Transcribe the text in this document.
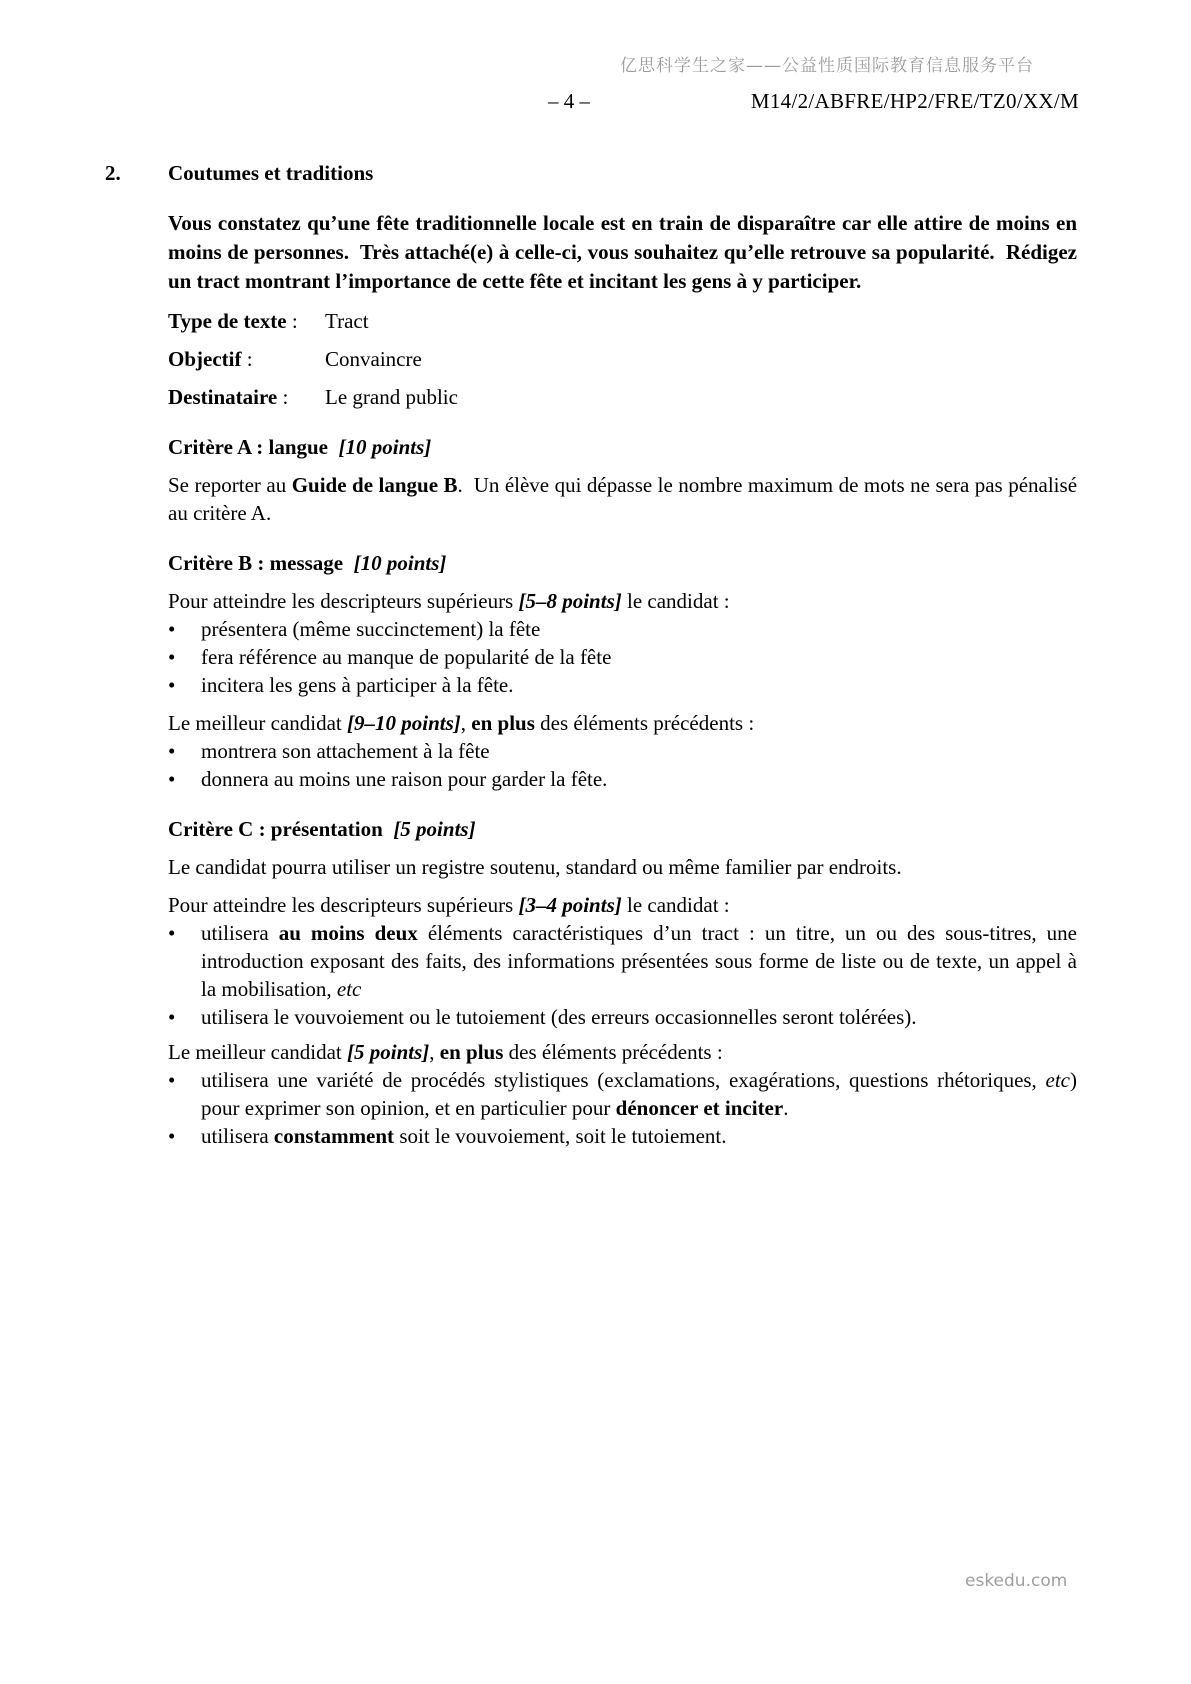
亿思科学生之家——公益性质国际教育信息服务平台
– 4 –	M14/2/ABFRE/HP2/FRE/TZ0/XX/M
2. Coutumes et traditions

Vous constatez qu’une fête traditionnelle locale est en train de disparaître car elle attire de moins en moins de personnes.  Très attaché(e) à celle-ci, vous souhaitez qu’elle retrouve sa popularité.  Rédigez un tract montrant l’importance de cette fête et incitant les gens à y participer.

Type de texte : Tract
Objectif :	Convaincre
Destinataire : Le grand public
Critère A : langue  [10 points]

Se reporter au Guide de langue B.  Un élève qui dépasse le nombre maximum de mots ne sera pas pénalisé au critère A.

Critère B : message  [10 points]

Pour atteindre les descripteurs supérieurs [5–8 points] le candidat :

•	présentera (même succinctement) la fête
•	fera référence au manque de popularité de la fête
•	incitera les gens à participer à la fête.

Le meilleur candidat [9–10 points], en plus des éléments précédents :

•	montrera son attachement à la fête
•	donnera au moins une raison pour garder la fête.
Critère C : présentation  [5 points]

Le candidat pourra utiliser un registre soutenu, standard ou même familier par endroits.

Pour atteindre les descripteurs supérieurs [3–4 points] le candidat :

•	utilisera au moins deux éléments caractéristiques d’un tract : un titre, un ou des sous-titres, une introduction exposant des faits, des informations présentées sous forme de liste ou de texte, un appel à la mobilisation, etc
•	utilisera le vouvoiement ou le tutoiement (des erreurs occasionnelles seront tolérées).

Le meilleur candidat [5 points], en plus des éléments précédents :

•	utilisera une variété de procédés stylistiques (exclamations, exagérations, questions rhétoriques, etc) pour exprimer son opinion, et en particulier pour dénoncer et inciter.
•	utilisera constamment soit le vouvoiement, soit le tutoiement.
eskedu.com
